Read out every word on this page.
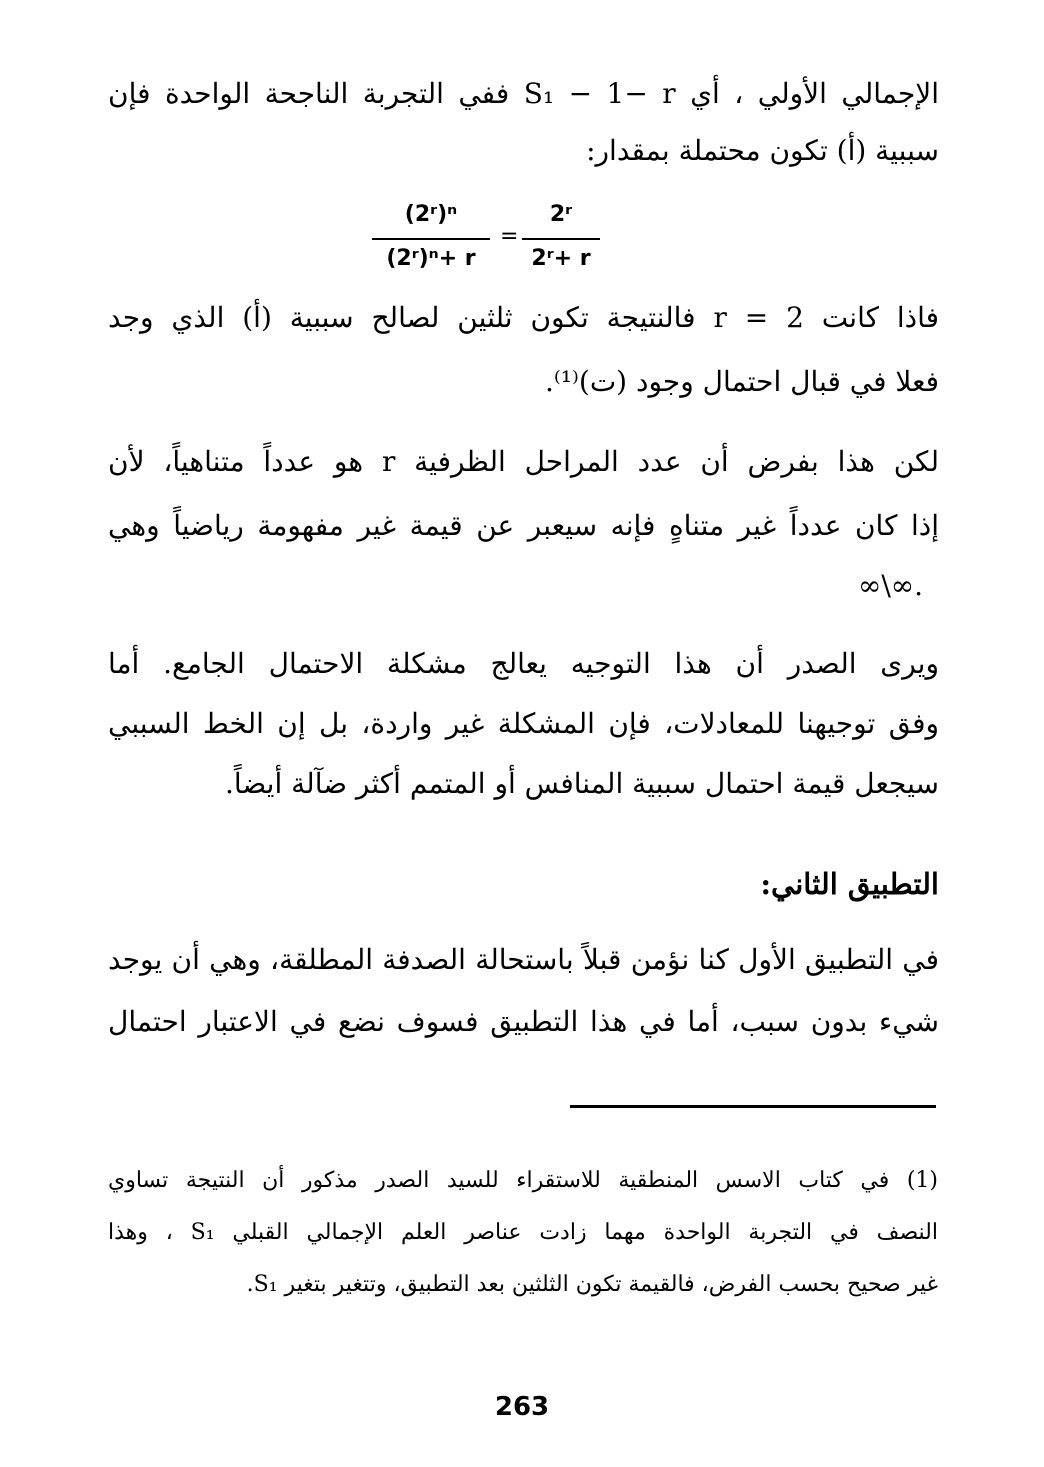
الإجمالي الأولي ، أي S₁ − 1− r ففي التجربة الناجحة الواحدة فإن
سببية (أ) تكون محتملة بمقدار:
(2ʳ)ⁿ
(2ʳ)ⁿ+ r
=
2ʳ
2ʳ+ r
فاذا كانت r = 2 فالنتيجة تكون ثلثين لصالح سببية (أ) الذي وجد
فعلا في قبال احتمال وجود (ت)⁽¹⁾.
لكن هذا بفرض أن عدد المراحل الظرفية r هو عدداً متناهياً، لأن
إذا كان عدداً غير متناهٍ فإنه سيعبر عن قيمة غير مفهومة رياضياً وهي
∞\∞.
ويرى الصدر أن هذا التوجيه يعالج مشكلة الاحتمال الجامع. أما
وفق توجيهنا للمعادلات، فإن المشكلة غير واردة، بل إن الخط السببي
سيجعل قيمة احتمال سببية المنافس أو المتمم أكثر ضآلة أيضاً.
التطبيق الثاني:
في التطبيق الأول كنا نؤمن قبلاً باستحالة الصدفة المطلقة، وهي أن يوجد
شيء بدون سبب، أما في هذا التطبيق فسوف نضع في الاعتبار احتمال
(1) في كتاب الاسس المنطقية للاستقراء للسيد الصدر مذكور أن النتيجة تساوي
النصف في التجربة الواحدة مهما زادت عناصر العلم الإجمالي القبلي S₁ ، وهذا
غير صحيح بحسب الفرض، فالقيمة تكون الثلثين بعد التطبيق، وتتغير بتغير S₁.
263
